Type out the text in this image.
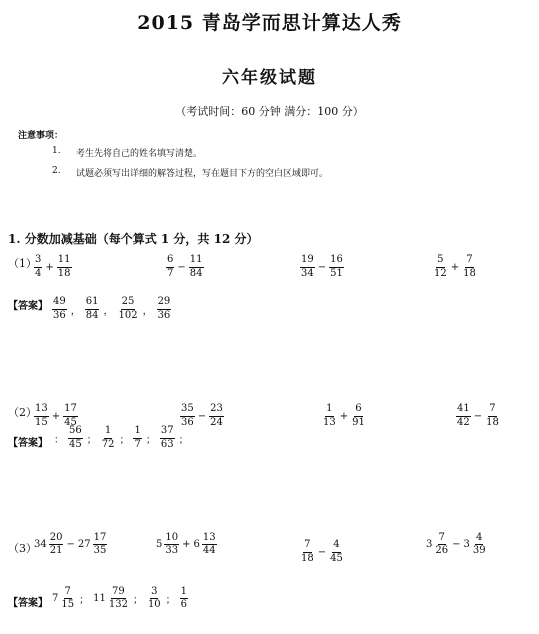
2015 青岛学而思计算达人秀
六年级试题
（考试时间：60 分钟 满分：100 分）
注意事项：
1. 考生先将自己的姓名填写清楚。
2. 试题必须写出详细的解答过程，写在题目下方的空白区域即可。
1. 分数加减基础（每个算式 1 分，共 12 分）
（1）
$\frac{3}{4} + \frac{11}{18}$	$\frac{6}{7} - \frac{11}{84}$	$\frac{19}{34} - \frac{16}{51}$	$\frac{5}{12} + \frac{7}{18}$
【答案】 $\frac{49}{36}$ ， $\frac{61}{84}$ ， $\frac{25}{102}$ ， $\frac{29}{36}$
（2）
$\frac{13}{15} + \frac{17}{45}$	$\frac{35}{36} - \frac{23}{24}$	$\frac{1}{13} + \frac{6}{91}$	$\frac{41}{42} - \frac{7}{18}$
【答案】 ： $\frac{56}{45}$ ； $\frac{1}{72}$ ； $\frac{1}{7}$ ； $\frac{37}{63}$ ；
（3）
$34 \frac{20}{21} - 27 \frac{17}{35}$	$5 \frac{10}{33} + 6 \frac{13}{44}$	$\frac{7}{18} - \frac{4}{45}$	$3 \frac{7}{26} - 3 \frac{4}{39}$
【答案】 $7 \frac{7}{15}$ ； $11 \frac{79}{132}$ ； $\frac{3}{10}$ ； $\frac{1}{6}$
